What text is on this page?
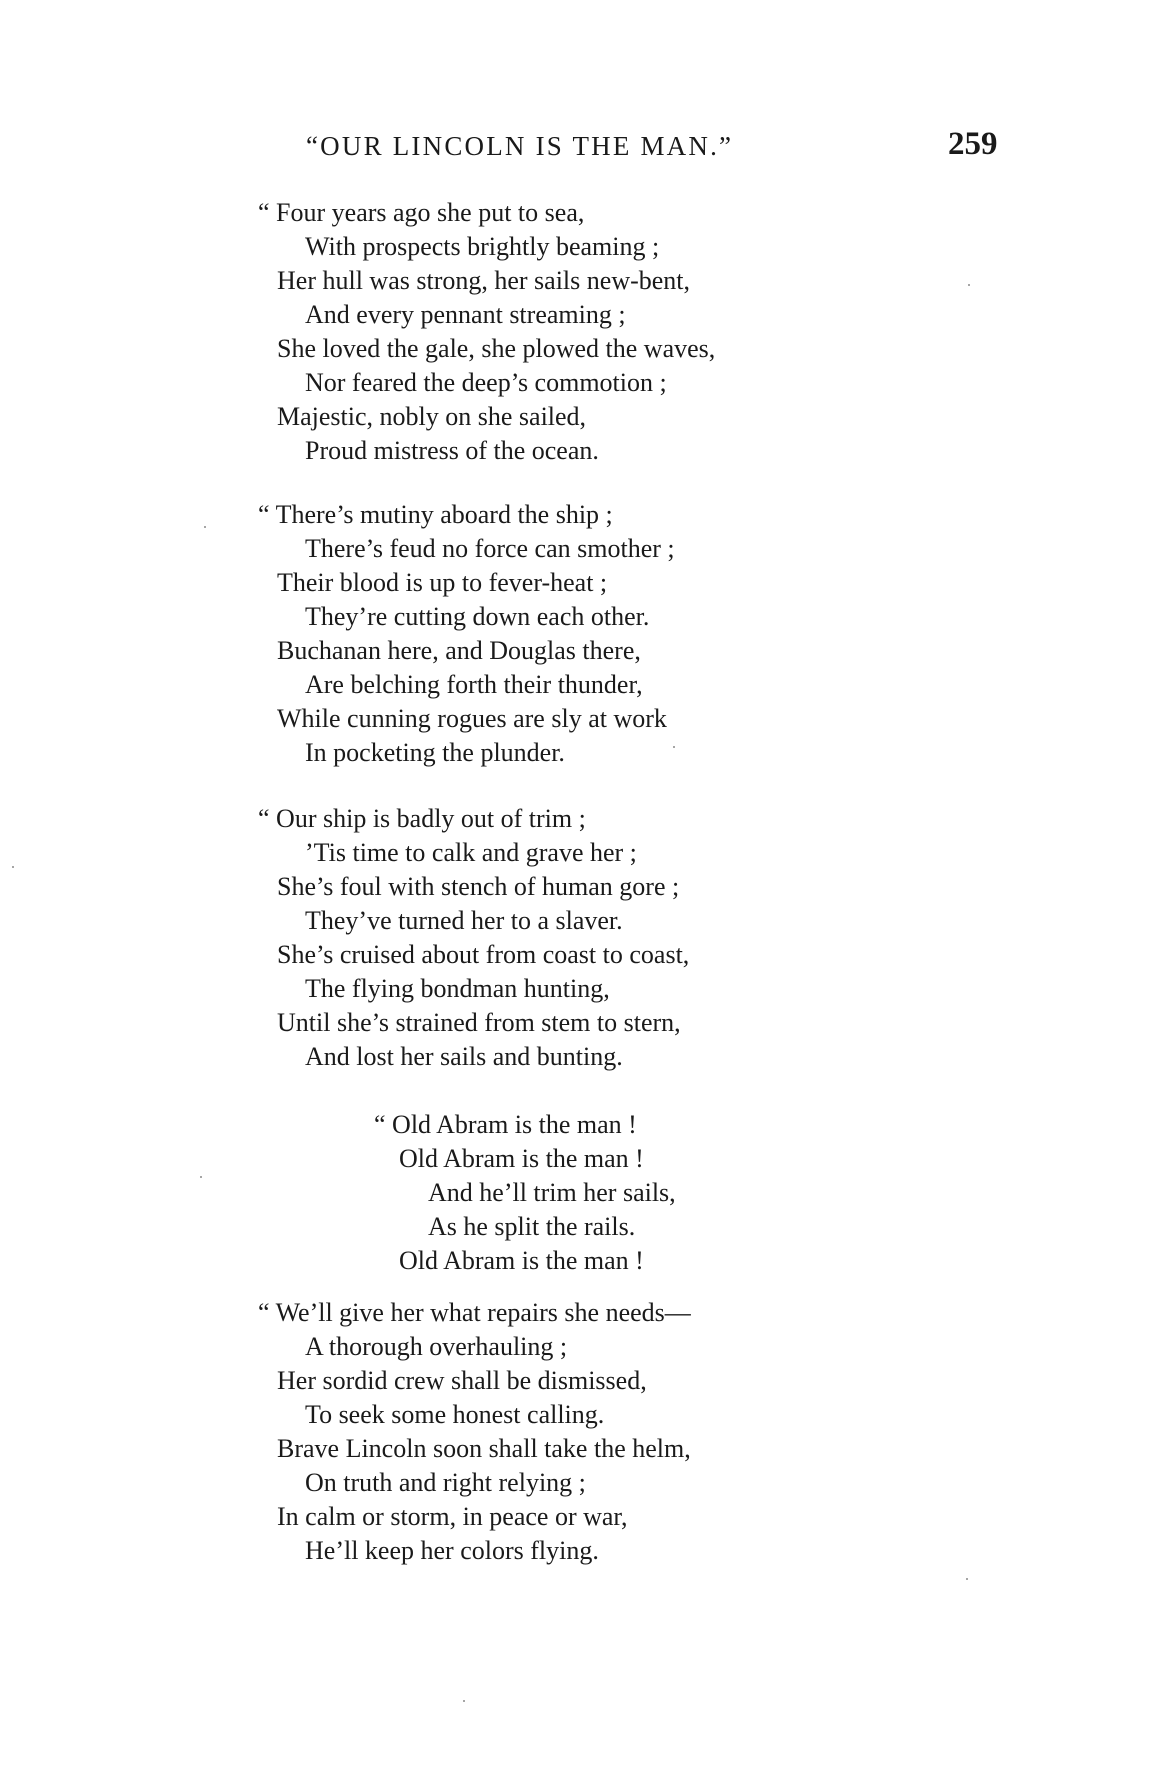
“OUR LINCOLN IS THE MAN.”	259
“ Four years ago she put to sea,
With prospects brightly beaming ;
Her hull was strong, her sails new-bent,
And every pennant streaming ;
She loved the gale, she plowed the waves,
Nor feared the deep’s commotion ;
Majestic, nobly on she sailed,
Proud mistress of the ocean.
“ There’s mutiny aboard the ship ;
There’s feud no force can smother ;
Their blood is up to fever-heat ;
They’re cutting down each other.
Buchanan here, and Douglas there,
Are belching forth their thunder,
While cunning rogues are sly at work
In pocketing the plunder.
“ Our ship is badly out of trim ;
’Tis time to calk and grave her ;
She’s foul with stench of human gore ;
They’ve turned her to a slaver.
She’s cruised about from coast to coast,
The flying bondman hunting,
Until she’s strained from stem to stern,
And lost her sails and bunting.
“ Old Abram is the man !
Old Abram is the man !
And he’ll trim her sails,
As he split the rails.
Old Abram is the man !
“ We’ll give her what repairs she needs—
A thorough overhauling ;
Her sordid crew shall be dismissed,
To seek some honest calling.
Brave Lincoln soon shall take the helm,
On truth and right relying ;
In calm or storm, in peace or war,
He’ll keep her colors flying.
